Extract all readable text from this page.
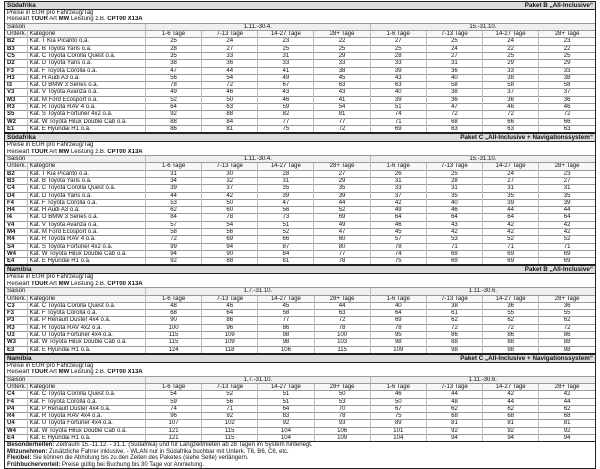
Südafrika	Paket B „All-Inclusive“
Preise in EUR pro Fahrzeug/Tag
Reiseart TOUR Art MW Leistung z.B. CPT00 X13A
Saison		1.11.-30.4.				15.-31.10.			
Unterk.	Kategorie	1-6 Tage	7-13 Tage	14-27 Tage	28+ Tage	1-6 Tage	7-13 Tage	14-27 Tage	28+ Tage
B2	Kat. T Kia Picanto o.ä.	25	24	23	22	27	25	24	23
B3	Kat. B Toyota Yaris o.ä.	28	27	25	25	25	24	22	22
C5	Kat. C Toyota Corolla Quest o.ä.	35	33	31	29	28	27	25	25
D2	Kat. D Toyota Yaris o.ä.	38	36	33	33	33	31	29	29
F3	Kat. F Toyota Corolla o.ä.	47	44	41	38	39	36	33	33
H3	Kat. H Audi A3 o.ä.	56	54	49	45	43	40	38	38
I3	Kat. O BMW 3 Series o.ä.	78	72	67	63	63	58	58	58
V3	Kat. V Toyota Avanza o.ä.	49	46	43	43	40	38	37	37
M3	Kat. M Ford Ecosport o.ä.	52	50	46	41	39	36	36	36
R3	Kat. R Toyota RAV 4 o.ä.	64	63	59	54	51	47	46	46
S5	Kat. S Toyota Fortuner 4x2 o.ä.	92	88	82	81	74	72	72	72
W2	Kat. W Toyota Hilux Double Cab o.ä.	88	84	77	77	71	68	66	66
E1	Kat. E Hyundai H1 o.ä.	86	81	75	72	69	63	63	63
Südafrika	Paket C „All-Inclusive + Navigationssystem“
Preise in EUR pro Fahrzeug/Tag
Reiseart TOUR Art MW Leistung z.B. CPT00 X13A
Saison		1.11.-30.4.				15.-31.10.			
Unterk.	Kategorie	1-6 Tage	7-13 Tage	14-27 Tage	28+ Tage	1-6 Tage	7-13 Tage	14-27 Tage	28+ Tage
B2	Kat. T Kia Picanto o.ä.	31	30	28	27	26	25	24	23
B3	Kat. B Toyota Yaris o.ä.	34	32	31	29	31	28	27	27
C4	Kat. C Toyota Corolla Quest o.ä.	39	37	35	35	33	31	31	31
D4	Kat. D Toyota Yaris o.ä.	44	42	39	39	37	35	35	35
F4	Kat. F Toyota Corolla o.ä.	53	50	47	44	42	40	39	39
H4	Kat. H Audi A3 o.ä.	62	60	56	52	49	46	44	44
I4	Kat. O BMW 3 Series o.ä.	84	78	73	69	64	64	64	64
V4	Kat. V Toyota Avanza o.ä.	57	54	51	49	46	43	42	42
M4	Kat. M Ford Ecosport o.ä.	58	56	52	47	45	42	42	42
R4	Kat. R Toyota RAV 4 o.ä.	72	69	66	60	57	53	52	52
S4	Kat. S Toyota Fortuner 4x2 o.ä.	99	94	87	80	78	71	71	71
W4	Kat. W Toyota Hilux Double Cab o.ä.	94	90	84	77	74	69	69	69
E4	Kat. E Hyundai H1 o.ä.	92	88	81	78	75	69	69	69
Namibia	Paket B „All-Inclusive“
Preise in EUR pro Fahrzeug/Tag
Reiseart TOUR Art MW Leistung z.B. CPT00 X13A
Saison		1.7.-31.10.				1.11.-30.6.			
Unterk.	Kategorie	1-6 Tage	7-13 Tage	14-27 Tage	28+ Tage	1-6 Tage	7-13 Tage	14-27 Tage	28+ Tage
C3	Kat. C Toyota Corolla Quest o.ä.	48	46	45	44	40	38	36	36
F3	Kat. F Toyota Corolla o.ä.	68	64	58	63	64	61	55	55
P3	Kat. P Renault Duster 4x4 o.ä.	90	86	77	72	69	62	62	62
R3	Kat. R Toyota RAV 4x2 o.ä.	100	96	86	78	78	72	72	72
U3	Kat. U Toyota Fortuner 4x4 o.ä.	115	109	98	100	95	86	86	86
W3	Kat. W Toyota Hilux Double Cab o.ä.	115	109	98	103	98	88	88	88
E3	Kat. E Hyundai H1 o.ä.	124	118	106	115	109	98	98	98
Namibia	Paket C „All-Inclusive + Navigationssystem“
Preise in EUR pro Fahrzeug/Tag
Reiseart TOUR Art MW Leistung z.B. CPT00 X13A
Saison		1.7.-31.10.				1.11.-30.6.			
Unterk.	Kategorie	1-6 Tage	7-13 Tage	14-27 Tage	28+ Tage	1-6 Tage	7-13 Tage	14-27 Tage	28+ Tage
C4	Kat. C Toyota Corolla Quest o.ä.	54	52	51	50	46	44	42	42
F4	Kat. F Toyota Corolla o.ä.	59	56	51	53	50	48	44	44
P4	Kat. P Renault Duster 4x4 o.ä.	74	71	64	70	67	62	62	62
R4	Kat. R Toyota RAV 4x4 o.ä.	96	92	83	78	75	68	68	68
U4	Kat. U Toyota Fortuner 4x4 o.ä.	107	102	92	93	89	81	81	81
W4	Kat. W Toyota Hilux Double Cab o.ä.	121	115	104	106	101	92	92	92
E4	Kat. E Hyundai H1 o.ä.	121	115	104	109	104	94	94	94
Besonderheiten: Zeitraum 15.-11.12. - 31.1. (Südafrika) und für Langzeitmieten ab 28 Tagen im System hinterlegt.
Mitzunehmen: Zusätzliche Fahrer inklusive. - WLAN nur in Südafrika buchbar mit Unterk. T6, B6, C6, etc.
Flexibel: Sie können die Abholung bis zu den Zeiten des Paketes (siehe Seite) verlängern.
Frühbuchervorteil: Preise gültig bei Buchung bis 30 Tage vor Anmietung.
